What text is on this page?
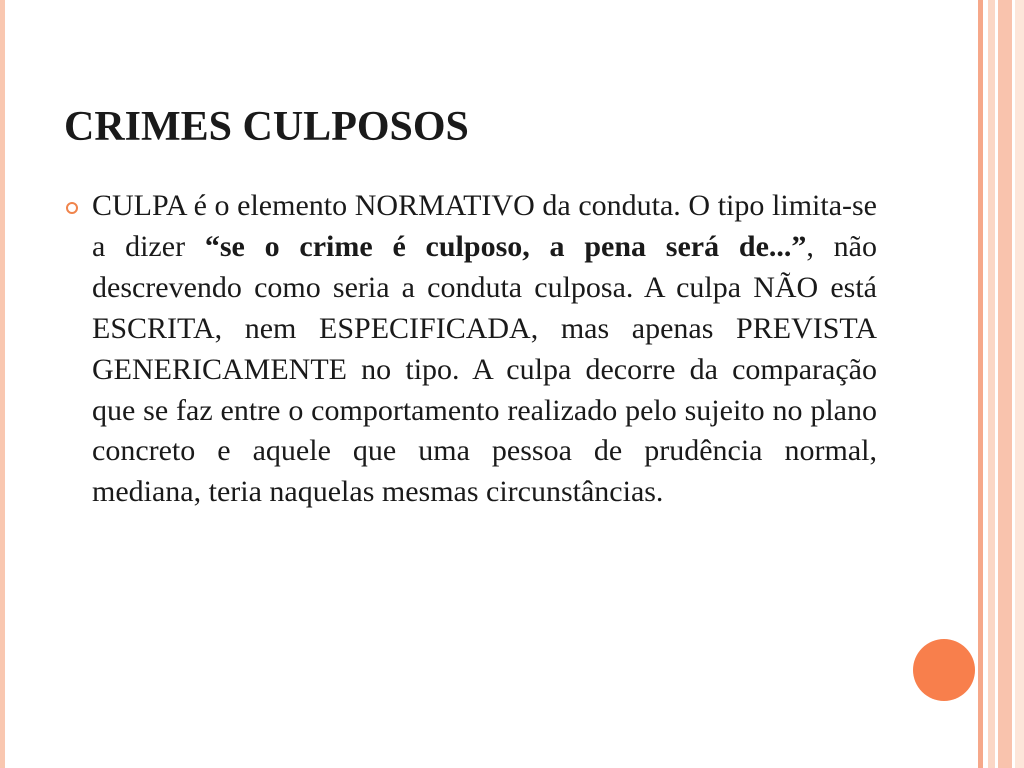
CRIMES CULPOSOS

CULPA é o elemento NORMATIVO da conduta. O tipo limita-se a dizer “se o crime é culposo, a pena será de...”, não descrevendo como seria a conduta culposa. A culpa NÃO está ESCRITA, nem ESPECIFICADA, mas apenas PREVISTA GENERICAMENTE no tipo. A culpa decorre da comparação que se faz entre o comportamento realizado pelo sujeito no plano concreto e aquele que uma pessoa de prudência normal, mediana, teria naquelas mesmas circunstâncias.
